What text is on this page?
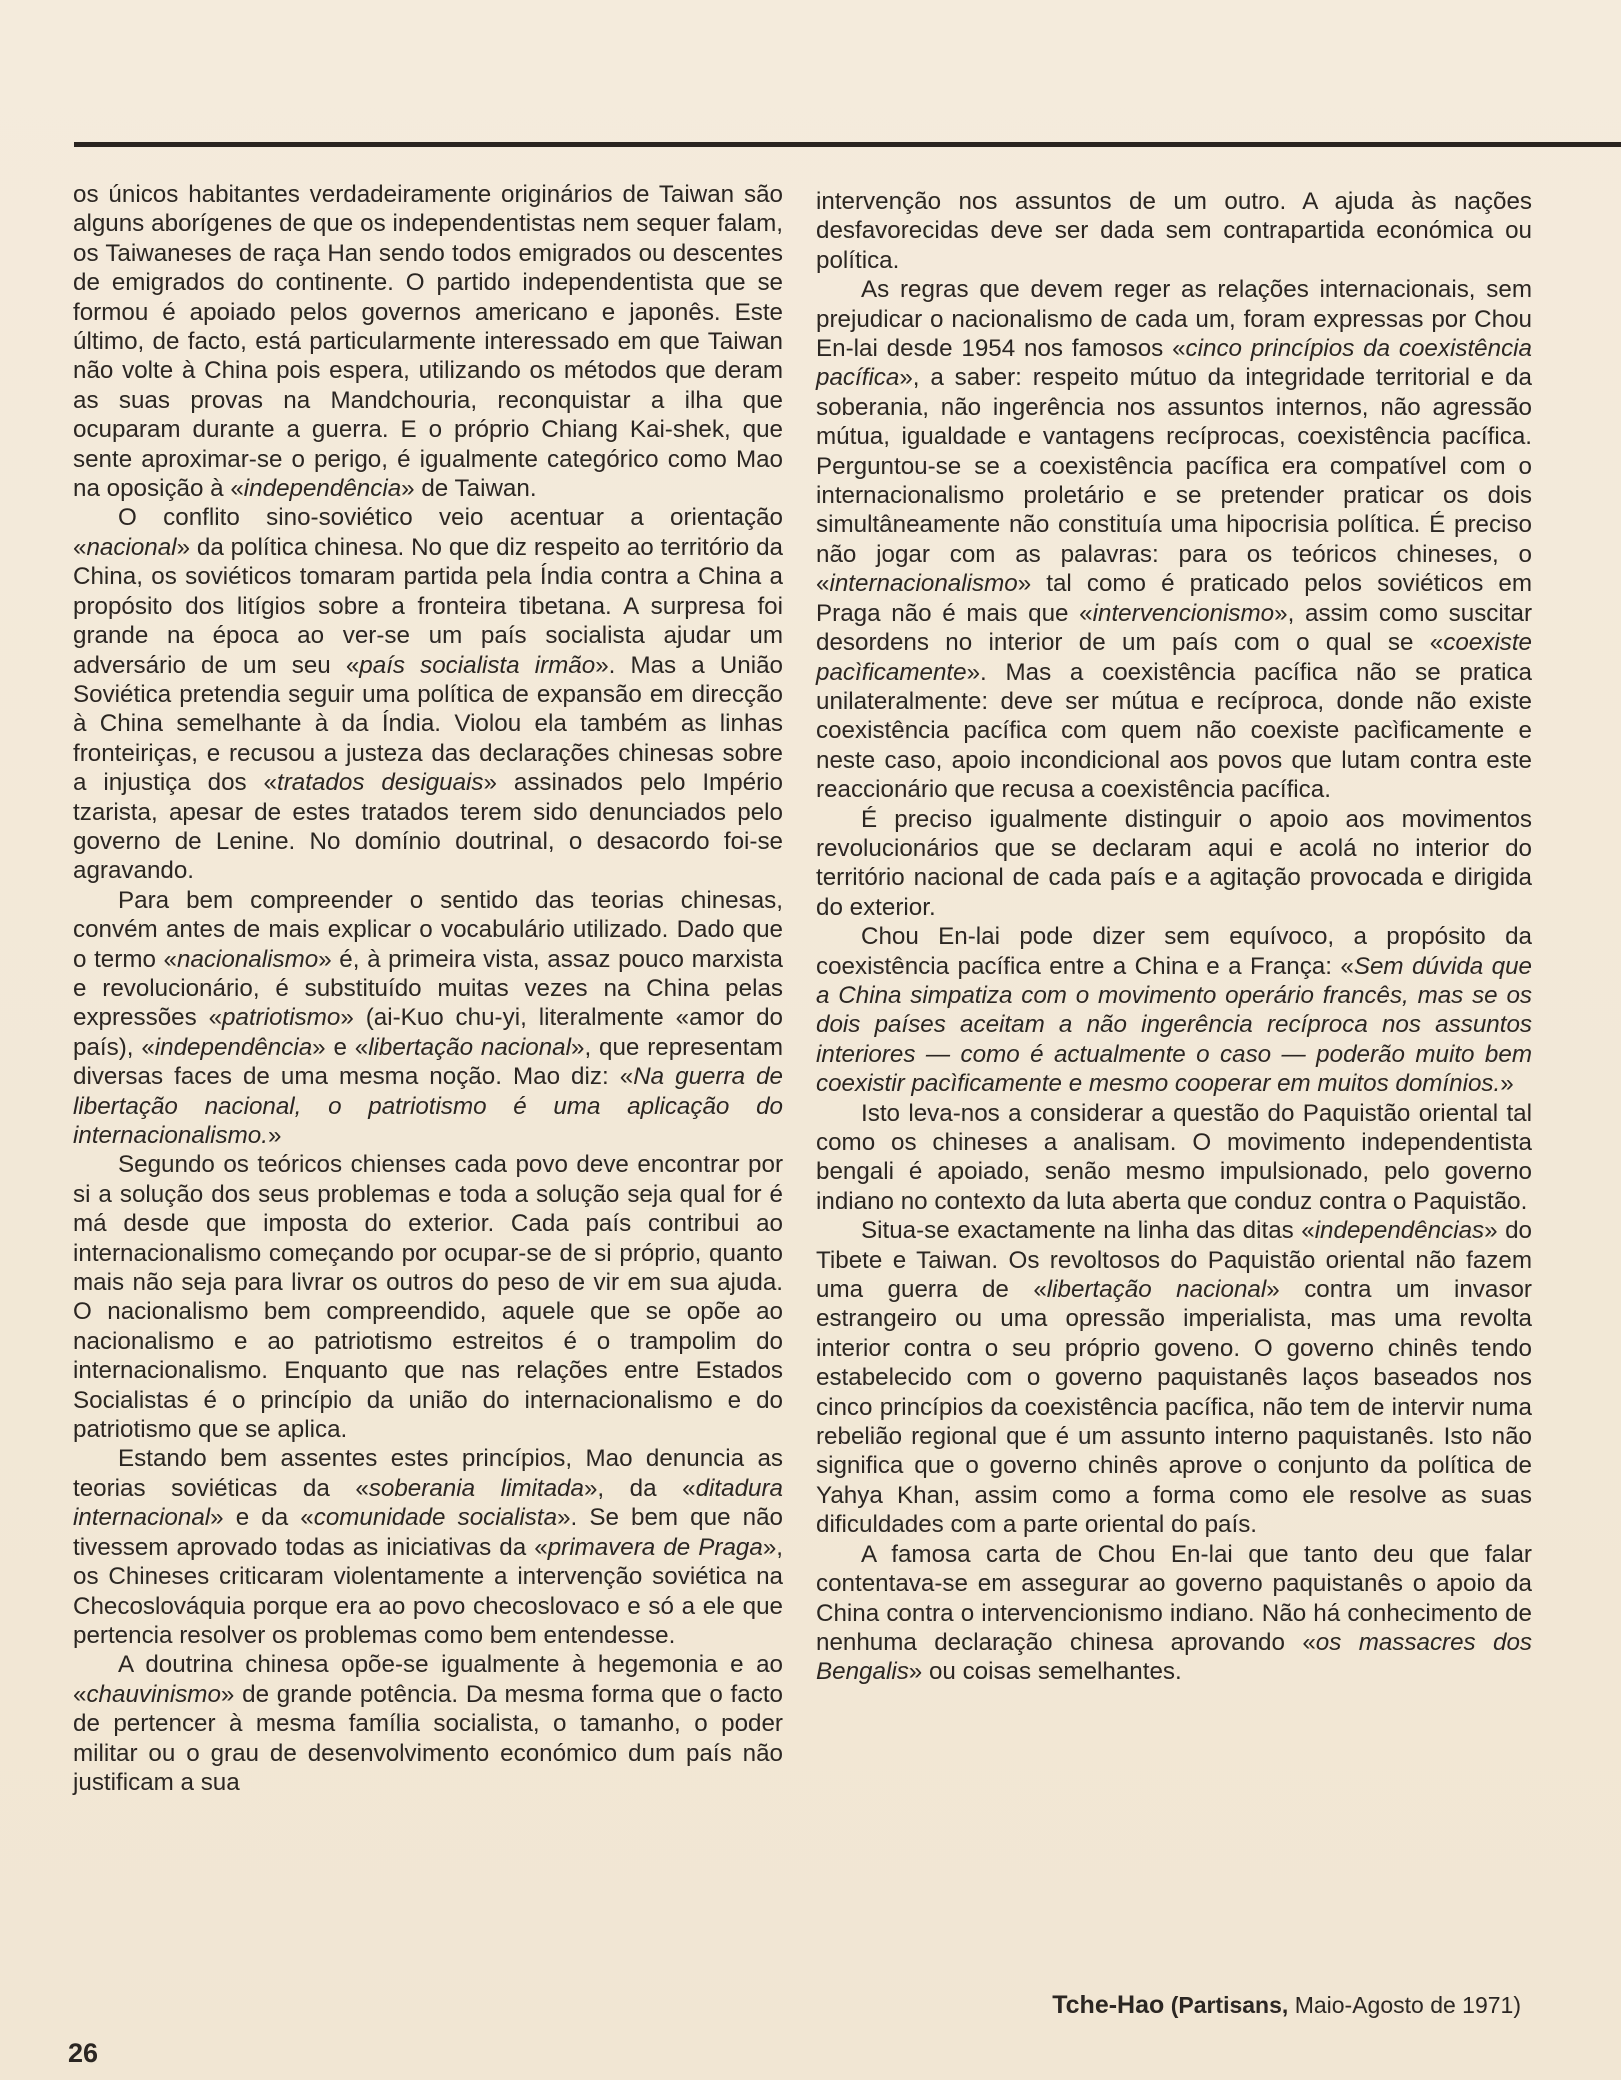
os únicos habitantes verdadeiramente originários de Taiwan são alguns aborígenes de que os independentistas nem sequer falam, os Taiwaneses de raça Han sendo todos emigrados ou descentes de emigrados do continente. O partido independentista que se formou é apoiado pelos governos americano e japonês. Este último, de facto, está particularmente interessado em que Taiwan não volte à China pois espera, utilizando os métodos que deram as suas provas na Mandchouria, reconquistar a ilha que ocuparam durante a guerra. E o próprio Chiang Kai-shek, que sente aproximar-se o perigo, é igualmente categórico como Mao na oposição à «independência» de Taiwan.

O conflito sino-soviético veio acentuar a orientação «nacional» da política chinesa. No que diz respeito ao território da China, os soviéticos tomaram partida pela Índia contra a China a propósito dos litígios sobre a fronteira tibetana. A surpresa foi grande na época ao ver-se um país socialista ajudar um adversário de um seu «país socialista irmão». Mas a União Soviética pretendia seguir uma política de expansão em direcção à China semelhante à da Índia. Violou ela também as linhas fronteiriças, e recusou a justeza das declarações chinesas sobre a injustiça dos «tratados desiguais» assinados pelo Império tzarista, apesar de estes tratados terem sido denunciados pelo governo de Lenine. No domínio doutrinal, o desacordo foi-se agravando.

Para bem compreender o sentido das teorias chinesas, convém antes de mais explicar o vocabulário utilizado. Dado que o termo «nacionalismo» é, à primeira vista, assaz pouco marxista e revolucionário, é substituído muitas vezes na China pelas expressões «patriotismo» (ai-Kuo chu-yi, literalmente «amor do país), «independência» e «libertação nacional», que representam diversas faces de uma mesma noção. Mao diz: «Na guerra de libertação nacional, o patriotismo é uma aplicação do internacionalismo.»

Segundo os teóricos chienses cada povo deve encontrar por si a solução dos seus problemas e toda a solução seja qual for é má desde que imposta do exterior. Cada país contribui ao internacionalismo começando por ocupar-se de si próprio, quanto mais não seja para livrar os outros do peso de vir em sua ajuda. O nacionalismo bem compreendido, aquele que se opõe ao nacionalismo e ao patriotismo estreitos é o trampolim do internacionalismo. Enquanto que nas relações entre Estados Socialistas é o princípio da união do internacionalismo e do patriotismo que se aplica.

Estando bem assentes estes princípios, Mao denuncia as teorias soviéticas da «soberania limitada», da «ditadura internacional» e da «comunidade socialista». Se bem que não tivessem aprovado todas as iniciativas da «primavera de Praga», os Chineses criticaram violentamente a intervenção soviética na Checoslováquia porque era ao povo checoslovaco e só a ele que pertencia resolver os problemas como bem entendesse.

A doutrina chinesa opõe-se igualmente à hegemonia e ao «chauvinismo» de grande potência. Da mesma forma que o facto de pertencer à mesma família socialista, o tamanho, o poder militar ou o grau de desenvolvimento económico dum país não justificam a sua

intervenção nos assuntos de um outro. A ajuda às nações desfavorecidas deve ser dada sem contrapartida económica ou política.

As regras que devem reger as relações internacionais, sem prejudicar o nacionalismo de cada um, foram expressas por Chou En-lai desde 1954 nos famosos «cinco princípios da coexistência pacífica», a saber: respeito mútuo da integridade territorial e da soberania, não ingerência nos assuntos internos, não agressão mútua, igualdade e vantagens recíprocas, coexistência pacífica. Perguntou-se se a coexistência pacífica era compatível com o internacionalismo proletário e se pretender praticar os dois simultâneamente não constituía uma hipocrisia política. É preciso não jogar com as palavras: para os teóricos chineses, o «internacionalismo» tal como é praticado pelos soviéticos em Praga não é mais que «intervencionismo», assim como suscitar desordens no interior de um país com o qual se «coexiste pacìficamente». Mas a coexistência pacífica não se pratica unilateralmente: deve ser mútua e recíproca, donde não existe coexistência pacífica com quem não coexiste pacìficamente e neste caso, apoio incondicional aos povos que lutam contra este reaccionário que recusa a coexistência pacífica.

É preciso igualmente distinguir o apoio aos movimentos revolucionários que se declaram aqui e acolá no interior do território nacional de cada país e a agitação provocada e dirigida do exterior.

Chou En-lai pode dizer sem equívoco, a propósito da coexistência pacífica entre a China e a França: «Sem dúvida que a China simpatiza com o movimento operário francês, mas se os dois países aceitam a não ingerência recíproca nos assuntos interiores — como é actualmente o caso — poderão muito bem coexistir pacìficamente e mesmo cooperar em muitos domínios.»

Isto leva-nos a considerar a questão do Paquistão oriental tal como os chineses a analisam. O movimento independentista bengali é apoiado, senão mesmo impulsionado, pelo governo indiano no contexto da luta aberta que conduz contra o Paquistão.

Situa-se exactamente na linha das ditas «independências» do Tibete e Taiwan. Os revoltosos do Paquistão oriental não fazem uma guerra de «libertação nacional» contra um invasor estrangeiro ou uma opressão imperialista, mas uma revolta interior contra o seu próprio goveno. O governo chinês tendo estabelecido com o governo paquistanês laços baseados nos cinco princípios da coexistência pacífica, não tem de intervir numa rebelião regional que é um assunto interno paquistanês. Isto não significa que o governo chinês aprove o conjunto da política de Yahya Khan, assim como a forma como ele resolve as suas dificuldades com a parte oriental do país.

A famosa carta de Chou En-lai que tanto deu que falar contentava-se em assegurar ao governo paquistanês o apoio da China contra o intervencionismo indiano. Não há conhecimento de nenhuma declaração chinesa aprovando «os massacres dos Bengalis» ou coisas semelhantes.

Tche-Hao (Partisans, Maio-Agosto de 1971)
26
